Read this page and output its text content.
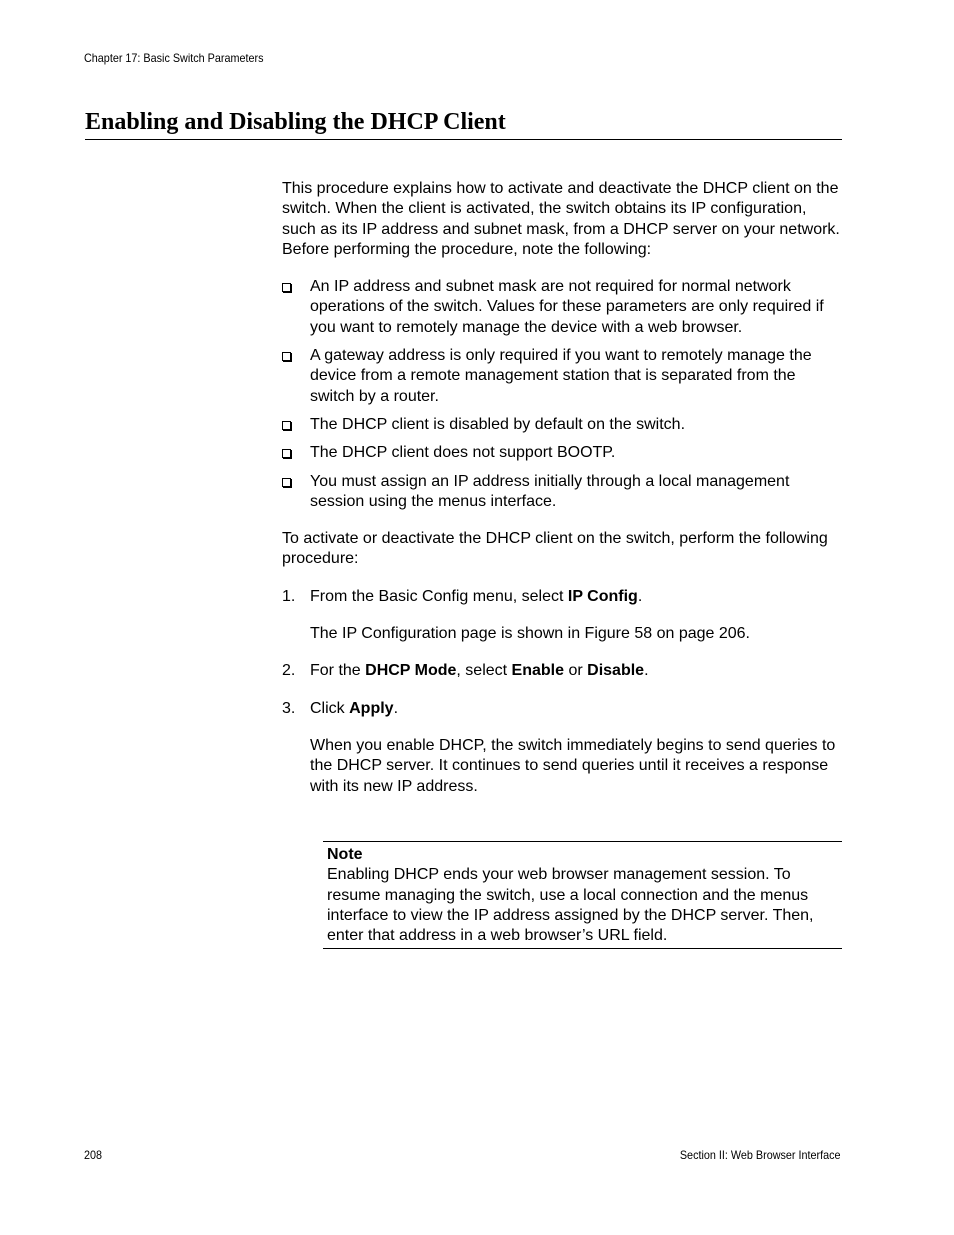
Chapter 17: Basic Switch Parameters
Enabling and Disabling the DHCP Client

This procedure explains how to activate and deactivate the DHCP client on the switch. When the client is activated, the switch obtains its IP configuration, such as its IP address and subnet mask, from a DHCP server on your network. Before performing the procedure, note the following:

An IP address and subnet mask are not required for normal network operations of the switch. Values for these parameters are only required if you want to remotely manage the device with a web browser.
A gateway address is only required if you want to remotely manage the device from a remote management station that is separated from the switch by a router.
The DHCP client is disabled by default on the switch.
The DHCP client does not support BOOTP.
You must assign an IP address initially through a local management session using the menus interface.

To activate or deactivate the DHCP client on the switch, perform the following procedure:

1. From the Basic Config menu, select IP Config.
The IP Configuration page is shown in Figure 58 on page 206.
2. For the DHCP Mode, select Enable or Disable.
3. Click Apply.
When you enable DHCP, the switch immediately begins to send queries to the DHCP server. It continues to send queries until it receives a response with its new IP address.
Note
Enabling DHCP ends your web browser management session. To resume managing the switch, use a local connection and the menus interface to view the IP address assigned by the DHCP server. Then, enter that address in a web browser’s URL field.
208	Section II: Web Browser Interface
